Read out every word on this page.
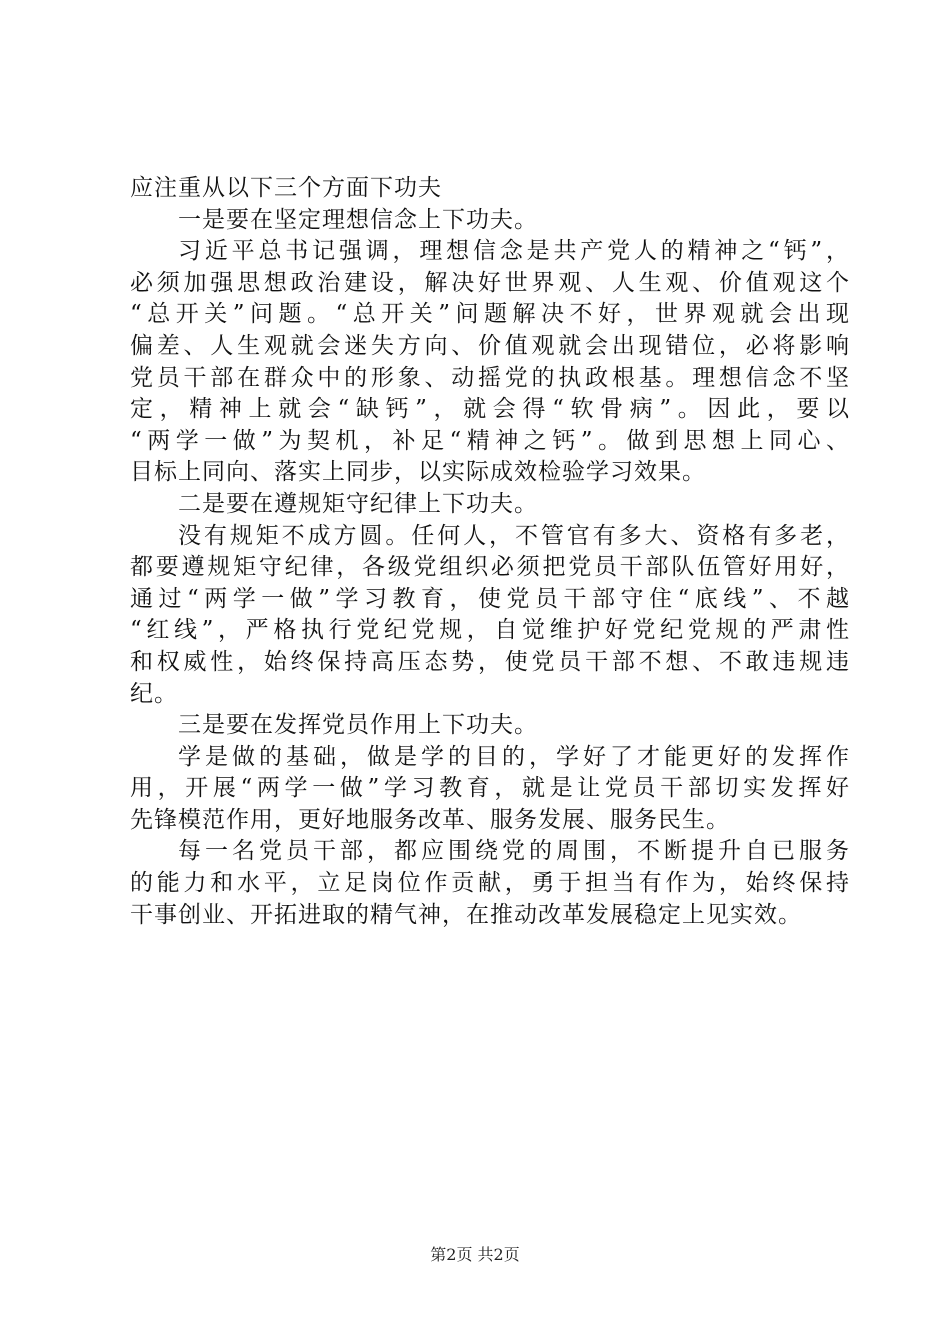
应注重从以下三个方面下功夫
一是要在坚定理想信念上下功夫。
习近平总书记强调，理想信念是共产党人的精神之“钙”，
必须加强思想政治建设，解决好世界观、人生观、价值观这个
“总开关”问题。“总开关”问题解决不好，世界观就会出现
偏差、人生观就会迷失方向、价值观就会出现错位，必将影响
党员干部在群众中的形象、动摇党的执政根基。理想信念不坚
定，精神上就会“缺钙”，就会得“软骨病”。因此，要以
“两学一做”为契机，补足“精神之钙”。做到思想上同心、
目标上同向、落实上同步，以实际成效检验学习效果。
二是要在遵规矩守纪律上下功夫。
没有规矩不成方圆。任何人，不管官有多大、资格有多老，
都要遵规矩守纪律，各级党组织必须把党员干部队伍管好用好，
通过“两学一做”学习教育，使党员干部守住“底线”、不越
“红线”，严格执行党纪党规，自觉维护好党纪党规的严肃性
和权威性，始终保持高压态势，使党员干部不想、不敢违规违
纪。
三是要在发挥党员作用上下功夫。
学是做的基础，做是学的目的，学好了才能更好的发挥作
用，开展“两学一做”学习教育，就是让党员干部切实发挥好
先锋模范作用，更好地服务改革、服务发展、服务民生。
每一名党员干部，都应围绕党的周围，不断提升自已服务
的能力和水平，立足岗位作贡献，勇于担当有作为，始终保持
干事创业、开拓进取的精气神，在推动改革发展稳定上见实效。
第2页 共2页
